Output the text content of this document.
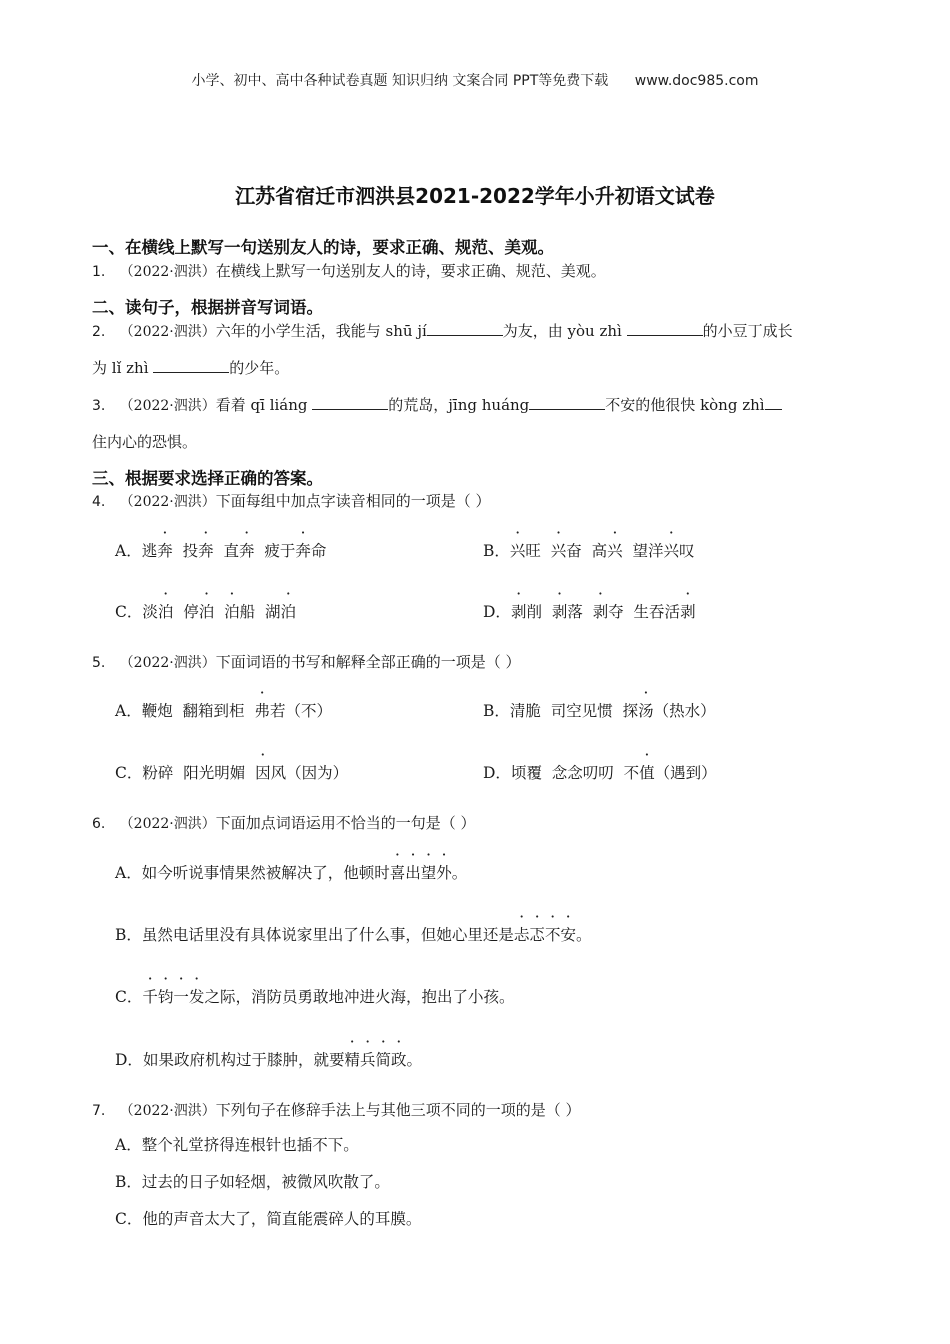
小学、初中、高中各种试卷真题 知识归纳 文案合同 PPT等免费下载 www.doc985.com
江苏省宿迁市泗洪县2021-2022学年小升初语文试卷
一、在横线上默写一句送别友人的诗，要求正确、规范、美观。
1. （2022·泗洪）在横线上默写一句送别友人的诗，要求正确、规范、美观。
二、读句子，根据拼音写词语。
2. （2022·泗洪）六年的小学生活，我能与 shū jí	为友，由 yòu zhì	的小豆丁成长
为 lǐ zhì	的少年。
3. （2022·泗洪）看着 qī liáng	的荒岛，jīng huáng	不安的他很快 kòng zhì
住内心的恐惧。
三、根据要求选择正确的答案。
4. （2022·泗洪）下面每组中加点字读音相同的一项是（ ）
A．逃奔  投奔  直奔  疲于奔命	B．兴旺  兴奋  高兴  望洋兴叹
C．淡泊  停泊 泊船  湖泊	D．剥削  剥落  剥夺  生吞活剥
5. （2022·泗洪）下面词语的书写和解释全部正确的一项是（ ）
A．鞭炮  翻箱到柜  弗若（不）	B．清脆  司空见惯  探汤（热水）
C．粉碎  阳光明媚  因风（因为）	D．顷覆  念念叨叨  不值（遇到）
6. （2022·泗洪）下面加点词语运用不恰当的一句是（ ）
A．如今听说事情果然被解决了，他顿时喜出望外。
B．虽然电话里没有具体说家里出了什么事，但她心里还是忐忑不安。
C．千钧一发之际，消防员勇敢地冲进火海，抱出了小孩。
D．如果政府机构过于膝肿，就要精兵简政。
7. （2022·泗洪）下列句子在修辞手法上与其他三项不同的一项的是（ ）
A．整个礼堂挤得连根针也插不下。
B．过去的日子如轻烟，被微风吹散了。
C．他的声音太大了，简直能震碎人的耳膜。
